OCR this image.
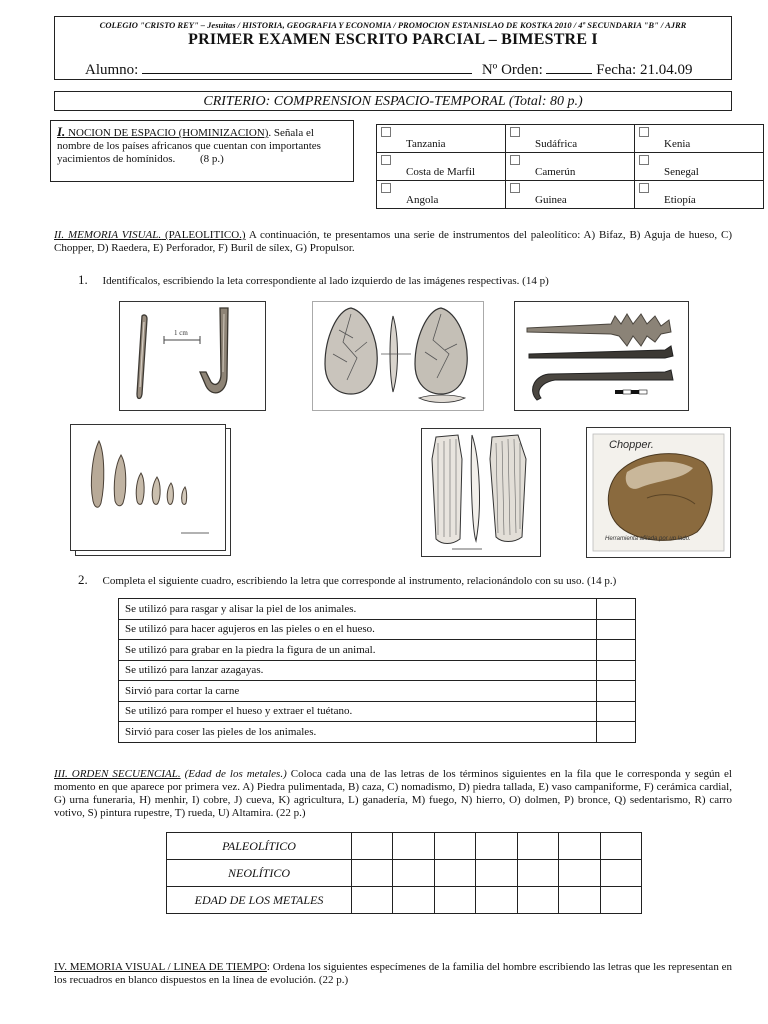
COLEGIO "CRISTO REY" – Jesuitas / HISTORIA, GEOGRAFIA Y ECONOMIA / PROMOCION ESTANISLAO DE KOSTKA 2010 / 4º SECUNDARIA "B" / AJRR
PRIMER EXAMEN ESCRITO PARCIAL – BIMESTRE I
Alumno:	Nº Orden:	Fecha: 21.04.09
CRITERIO: COMPRENSION ESPACIO-TEMPORAL (Total: 80 p.)
I. NOCION DE ESPACIO (HOMINIZACION). Señala el nombre de los países africanos que cuentan con importantes yacimientos de homínidos. (8 p.)
Tanzania	Sudáfrica	Kenia
Costa de Marfil	Camerún	Senegal
Angola	Guinea	Etiopía
II. MEMORIA VISUAL. (PALEOLITICO.) A continuación, te presentamos una serie de instrumentos del paleolítico: A) Bifaz, B) Aguja de hueso, C) Chopper, D) Raedera, E) Perforador, F) Buril de sílex, G) Propulsor.
1. Identifícalos, escribiendo la leta correspondiente al lado izquierdo de las imágenes respectivas. (14 p)
1 cm
Chopper.
Herramienta afilada por un lado.
2. Completa el siguiente cuadro, escribiendo la letra que corresponde al instrumento, relacionándolo con su uso. (14 p.)
Se utilizó para rasgar y alisar la piel de los animales.	
Se utilizó para hacer agujeros en las pieles o en el hueso.	
Se utilizó para grabar en la piedra la figura de un animal.	
Se utilizó para lanzar azagayas.	
Sirvió para cortar la carne	
Se utilizó para romper el hueso y extraer el tuétano.	
Sirvió para coser las pieles de los animales.	
III. ORDEN SECUENCIAL. (Edad de los metales.) Coloca cada una de las letras de los términos siguientes en la fila que le corresponda y según el momento en que aparece por primera vez. A) Piedra pulimentada, B) caza, C) nomadismo, D) piedra tallada, E) vaso campaniforme, F) cerámica cardial, G) urna funeraria, H) menhir, I) cobre, J) cueva, K) agricultura, L) ganadería, M) fuego, N) hierro, O) dolmen, P) bronce, Q) sedentarismo, R) carro votivo, S) pintura rupestre, T) rueda, U) Altamira. (22 p.)
PALEOLÍTICO							
NEOLÍTICO							
EDAD DE LOS METALES							
IV. MEMORIA VISUAL / LINEA DE TIEMPO: Ordena los siguientes especímenes de la familia del hombre escribiendo las letras que les representan en los recuadros en blanco dispuestos en la línea de evolución. (22 p.)
